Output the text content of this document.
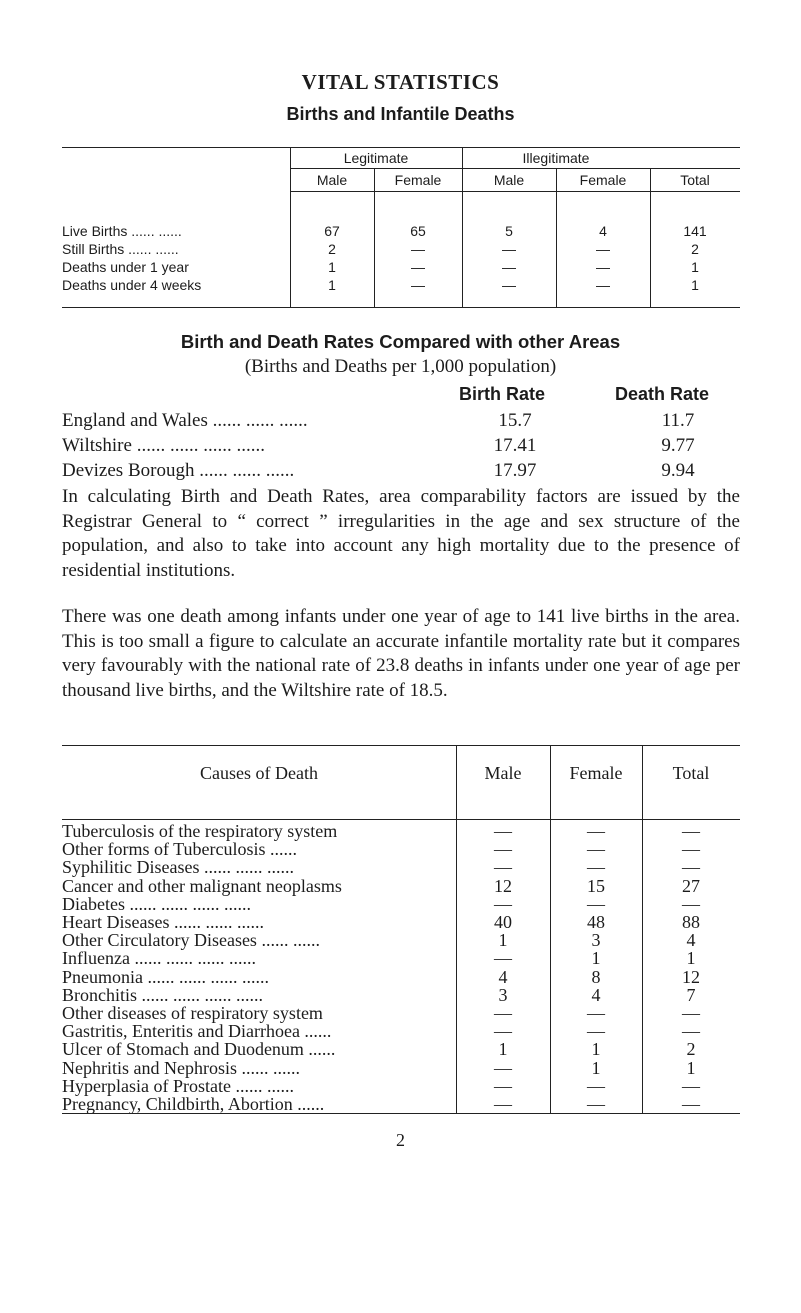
VITAL STATISTICS
Births and Infantile Deaths
Legitimate	Illegitimate
Male	Female	Male	Female	Total
Live Births ...... ......	67	65	5	4	141
Still Births ...... ......	2	—	—	—	2
Deaths under 1 year	1	—	—	—	1
Deaths under 4 weeks	1	—	—	—	1
Birth and Death Rates Compared with other Areas
(Births and Deaths per 1,000 population)
Birth Rate	Death Rate
England and Wales ...... ...... ......	15.7	11.7
Wiltshire ...... ...... ...... ......	17.41	9.77
Devizes Borough ...... ...... ......	17.97	9.94

In calculating Birth and Death Rates, area comparability factors are issued by the Registrar General to “ correct ” irregularities in the age and sex structure of the population, and also to take into account any high mortality due to the presence of residential institutions.

There was one death among infants under one year of age to 141 live births in the area. This is too small a figure to calculate an accurate infantile mortality rate but it compares very favourably with the national rate of 23.8 deaths in infants under one year of age per thousand live births, and the Wiltshire rate of 18.5.

Causes of Death	Male	Female	Total
Tuberculosis of the respiratory system	—	—	—
Other forms of Tuberculosis ......	—	—	—
Syphilitic Diseases ...... ...... ......	—	—	—
Cancer and other malignant neoplasms	12	15	27
Diabetes ...... ...... ...... ......	—	—	—
Heart Diseases ...... ...... ......	40	48	88
Other Circulatory Diseases ...... ......	1	3	4
Influenza ...... ...... ...... ......	—	1	1
Pneumonia ...... ...... ...... ......	4	8	12
Bronchitis ...... ...... ...... ......	3	4	7
Other diseases of respiratory system	—	—	—
Gastritis, Enteritis and Diarrhoea ......	—	—	—
Ulcer of Stomach and Duodenum ......	1	1	2
Nephritis and Nephrosis ...... ......	—	1	1
Hyperplasia of Prostate ...... ......	—	—	—
Pregnancy, Childbirth, Abortion ......	—	—	—
2
